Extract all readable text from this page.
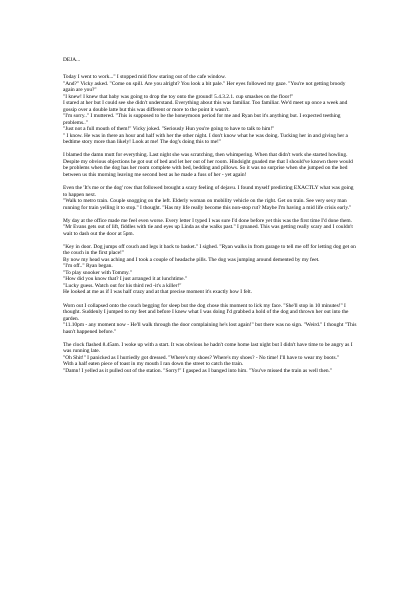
DEJA...

Today I went to work..." I stopped mid flow staring out of the cafe window.
"And?" Vicky asked. "Come on spill. Are you alright? You look a bit pale." Her eyes followed my gaze. "You're not getting broody again are you?"
"I knew! I knew that baby was going to drop the toy onto the ground! 5.4.3.2.1. cup smashes on the floor!"
I stared at her but I could see she didn't understand. Everything about this was familiar. Too familiar. We'd meet up once a week and gossip over a double latte but this was different or more to the point it wasn't.
"I'm sorry.." I muttered. "This is supposed to be the honeymoon period for me and Ryan but it's anything but. I expected teething problems.."
"Just not a full mouth of them!" Vicky joked. "Seriously Hun you're going to have to talk to him!"
" I know. He was in there an hour and half with her the other night. I don't know what he was doing. Tucking her in and giving her a bedtime story more than likely! Look at me! The dog's doing this to me!"

I blamed the damn mutt for everything. Last night she was scratching, then whimpering. When that didn't work she started howling. Despite my obvious objections he got out of bed and let her out of her room. Hindsight goaded me that I should've known there would be problems when the dog has her room complete with bed, bedding and pillows. So it was no surprise when she jumped on the bed between us this morning leaving me second best as he made a fuss of her - yet again!

Even the 'It's me or the dog' row that followed brought a scary feeling of dejavu. I found myself predicting EXACTLY what was going to happen next.
"Walk to metro train. Couple snogging on the left. Elderly woman on mobility vehicle on the right. Get on train. See very sexy man running for train yelling it to stop." I thought. "Has my life really become this non-stop rut? Maybe I'm having a mid life crisis early."

My day at the office made me feel even worse. Every letter I typed I was sure I'd done before yet this was the first time I'd done them.
"Mr Evans gets out of lift, fiddles with tie and eyes up Linda as she walks past." I groaned. This was getting really scary and I couldn't wait to dash out the door at 5pm.

"Key in door. Dog jumps off couch and legs it back to basket." I sighed. "Ryan walks in from garage to tell me off for letting dog get on the couch in the first place!"
By now my head was aching and I took a couple of headache pills. The dog was jumping around demented by my feet.
"I'm off.." Ryan began.
"To play snooker with Tommy."
"How did you know that? I just arranged it at lunchtime."
"Lucky guess. Watch out for his third red -it's a killer!"
He looked at me as if I was half crazy and at that precise moment it's exactly how I felt.

Worn out I collapsed onto the couch begging for sleep but the dog chose this moment to lick my face. "She'll stop in 10 minutes!" I thought. Suddenly I jumped to my feet and before I knew what I was doing I'd grabbed a hold of the dog and thrown her out into the garden.
"11.10pm - any moment now - He'll walk through the door complaining he's lost again!" but there was no sign. "Weird." I thought "This hasn't happened before."

The clock flashed 8.45am. I woke up with a start. It was obvious he hadn't come home last night but I didn't have time to be angry as I was running late.
"Oh Shit!" I panicked as I hurriedly got dressed. "Where's my shoes? Where's my shoes? - No time! I'll have to wear my boots."
With a half eaten piece of toast in my mouth I ran down the street to catch the train.
"Damn! I yelled as it pulled out of the station. "Sorry!" I gasped as I banged into him. "You've missed the train as well then."
